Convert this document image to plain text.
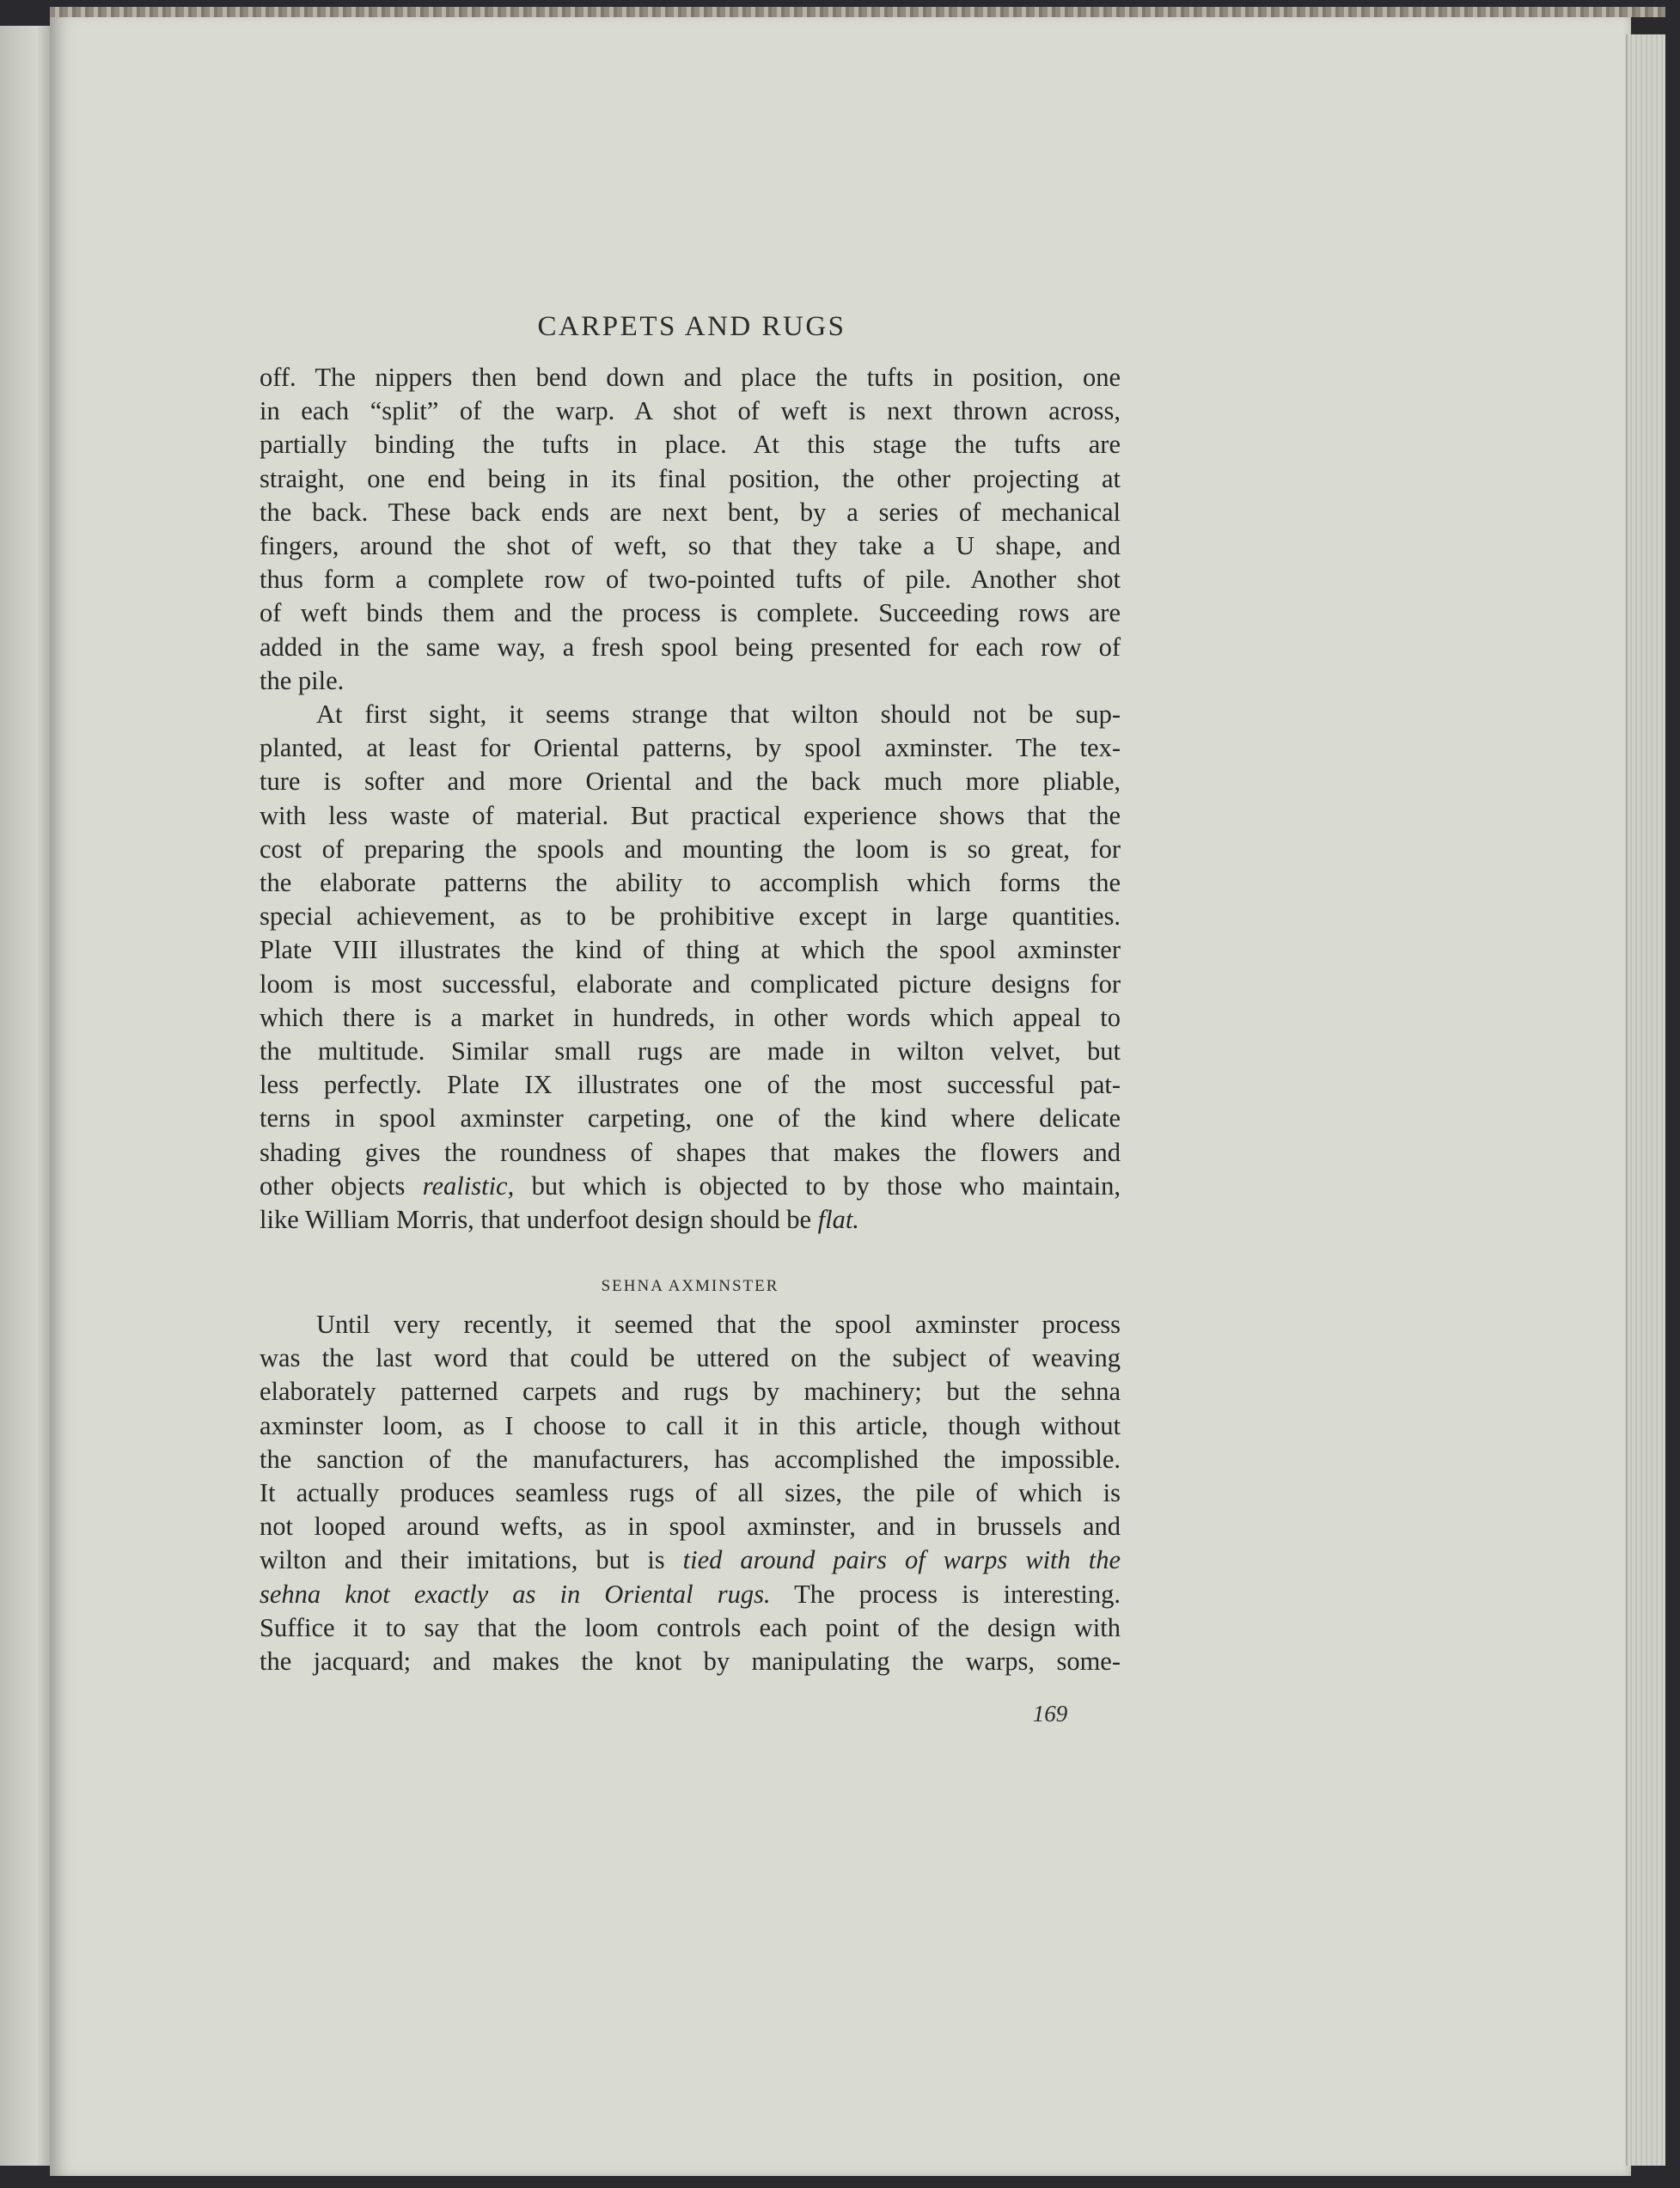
CARPETS AND RUGS

off. The nippers then bend down and place the tufts in position, one
in each “split” of the warp. A shot of weft is next thrown across,
partially binding the tufts in place. At this stage the tufts are
straight, one end being in its final position, the other projecting at
the back. These back ends are next bent, by a series of mechanical
fingers, around the shot of weft, so that they take a U shape, and
thus form a complete row of two-pointed tufts of pile. Another shot
of weft binds them and the process is complete. Succeeding rows are
added in the same way, a fresh spool being presented for each row of

the pile.

At first sight, it seems strange that wilton should not be sup-
planted, at least for Oriental patterns, by spool axminster. The tex-
ture is softer and more Oriental and the back much more pliable,
with less waste of material. But practical experience shows that the
cost of preparing the spools and mounting the loom is so great, for
the elaborate patterns the ability to accomplish which forms the
special achievement, as to be prohibitive except in large quantities.
Plate VIII illustrates the kind of thing at which the spool axminster
loom is most successful, elaborate and complicated picture designs for
which there is a market in hundreds, in other words which appeal to
the multitude. Similar small rugs are made in wilton velvet, but
less perfectly. Plate IX illustrates one of the most successful pat-
terns in spool axminster carpeting, one of the kind where delicate
shading gives the roundness of shapes that makes the flowers and
other objects realistic, but which is objected to by those who maintain,

like William Morris, that underfoot design should be flat.

SEHNA AXMINSTER

Until very recently, it seemed that the spool axminster process
was the last word that could be uttered on the subject of weaving
elaborately patterned carpets and rugs by machinery; but the sehna
axminster loom, as I choose to call it in this article, though without
the sanction of the manufacturers, has accomplished the impossible.
It actually produces seamless rugs of all sizes, the pile of which is
not looped around wefts, as in spool axminster, and in brussels and
wilton and their imitations, but is tied around pairs of warps with the
sehna knot exactly as in Oriental rugs. The process is interesting.
Suffice it to say that the loom controls each point of the design with
the jacquard; and makes the knot by manipulating the warps, some-

169
